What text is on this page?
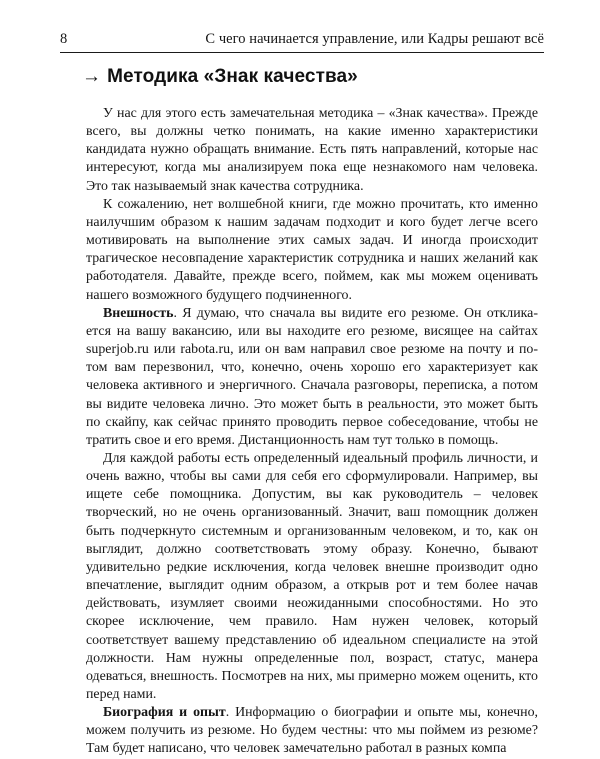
8	С чего начинается управление, или Кадры решают всё
→ Методика «Знак качества»

У нас для этого есть замечательная методика – «Знак качества». Прежде всего, вы должны четко понимать, на какие именно характеристики кандидата нужно обращать внимание. Есть пять направлений, которые нас интересуют, когда мы анализируем пока еще незнакомого нам человека. Это так называемый знак качества сотрудника.

К сожалению, нет волшебной книги, где можно прочитать, кто именно наилучшим образом к нашим задачам подходит и кого будет легче всего мотивировать на выполнение этих самых задач. И иногда происходит трагическое несовпадение характеристик сотрудника и наших желаний как работодателя. Давайте, прежде всего, поймем, как мы можем оценивать нашего возможного будущего подчиненного.

Внешность. Я думаю, что сначала вы видите его резюме. Он откликается на вашу вакансию, или вы находите его резюме, висящее на сайтах superjob.ru или rabota.ru, или он вам направил свое резюме на почту и потом вам перезвонил, что, конечно, очень хорошо его характеризует как человека активного и энергичного. Сначала разговоры, переписка, а потом вы видите человека лично. Это может быть в реальности, это может быть по скайпу, как сейчас принято проводить первое собеседование, чтобы не тратить свое и его время. Дистанционность нам тут только в помощь.

Для каждой работы есть определенный идеальный профиль личности, и очень важно, чтобы вы сами для себя его сформулировали. Например, вы ищете себе помощника. Допустим, вы как руководитель – человек творческий, но не очень организованный. Значит, ваш помощник должен быть подчеркнуто системным и организованным человеком, и то, как он выглядит, должно соответствовать этому образу. Конечно, бывают удивительно редкие исключения, когда человек внешне производит одно впечатление, выглядит одним образом, а открыв рот и тем более начав действовать, изумляет своими неожиданными способностями. Но это скорее исключение, чем правило. Нам нужен человек, который соответствует вашему представлению об идеальном специалисте на этой должности. Нам нужны определенные пол, возраст, статус, манера одеваться, внешность. Посмотрев на них, мы примерно можем оценить, кто перед нами.

Биография и опыт. Информацию о биографии и опыте мы, конечно, можем получить из резюме. Но будем честны: что мы поймем из резюме? Там будет написано, что человек замечательно работал в разных компа
